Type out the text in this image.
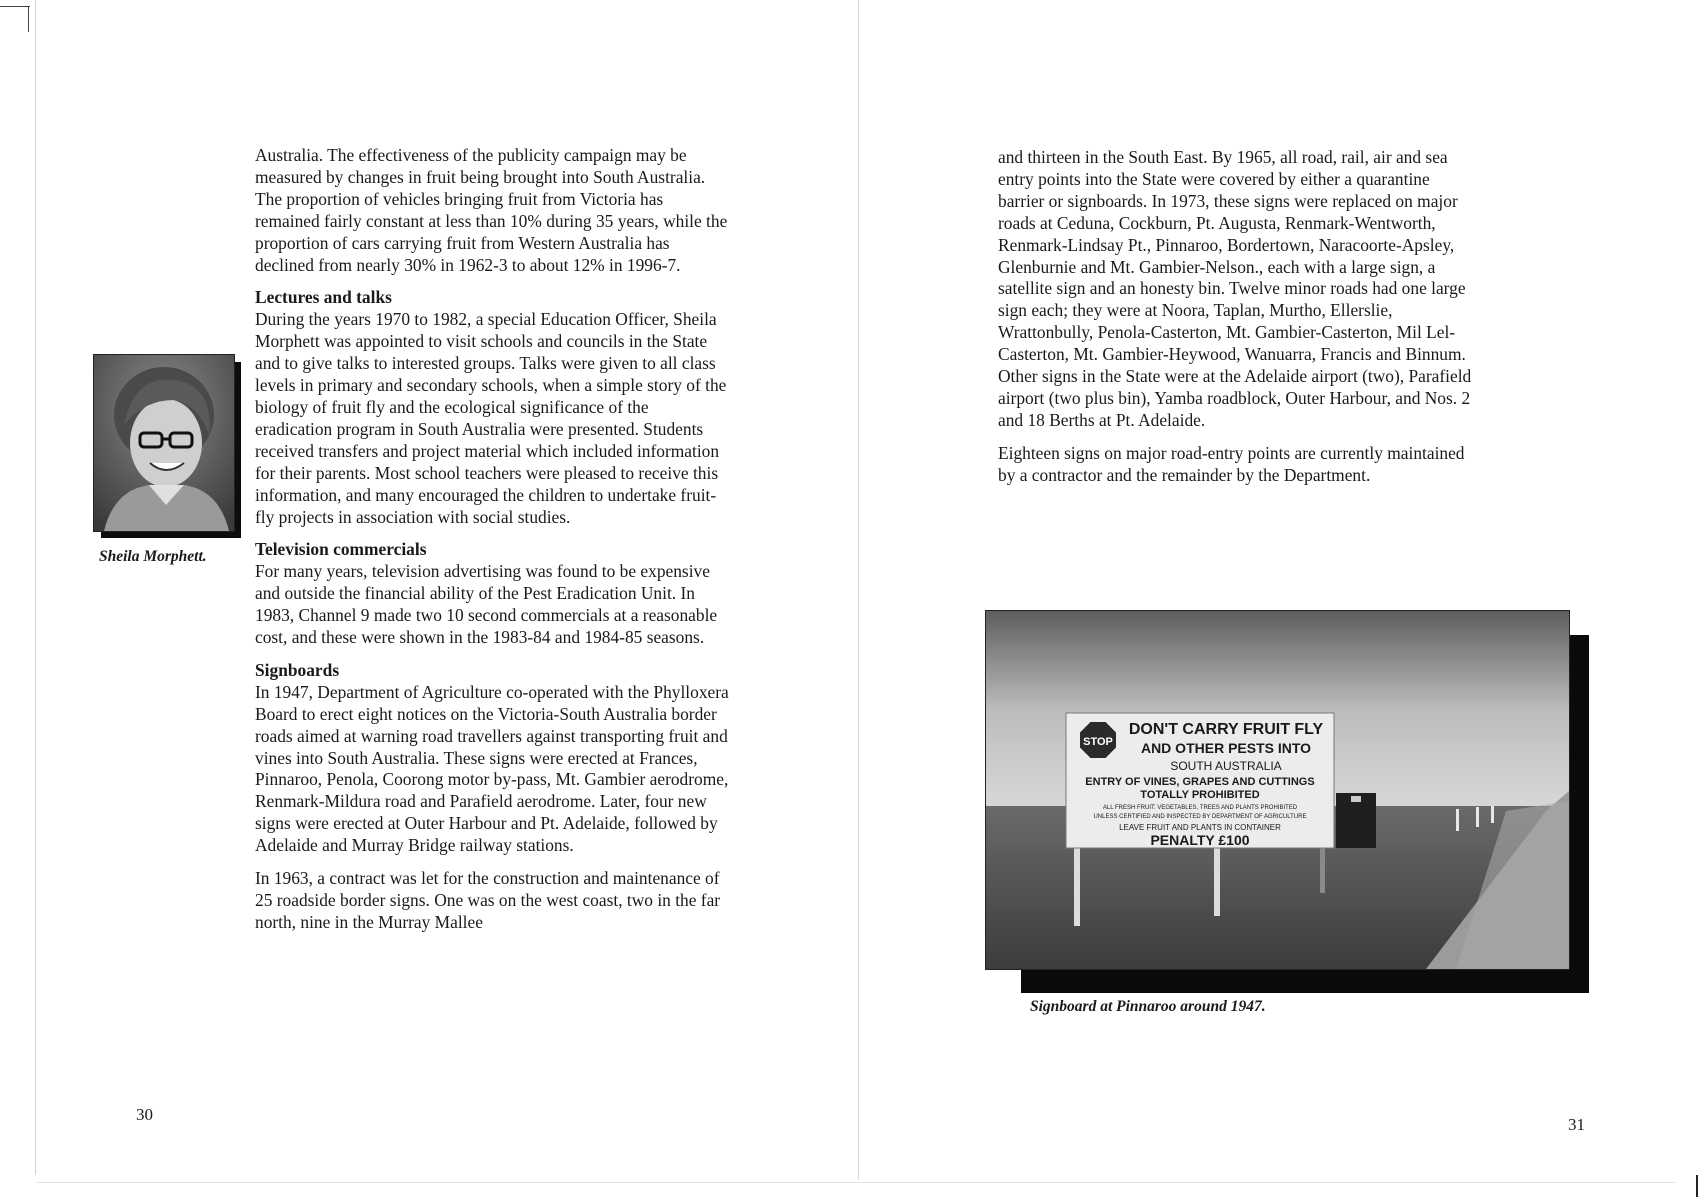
Australia. The effectiveness of the publicity campaign may be measured by changes in fruit being brought into South Australia. The proportion of vehicles bringing fruit from Victoria has remained fairly constant at less than 10% during 35 years, while the proportion of cars carrying fruit from Western Australia has declined from nearly 30% in 1962-3 to about 12% in 1996-7.

Lectures and talks
During the years 1970 to 1982, a special Education Officer, Sheila Morphett was appointed to visit schools and councils in the State and to give talks to interested groups. Talks were given to all class levels in primary and secondary schools, when a simple story of the biology of fruit fly and the ecological significance of the eradication program in South Australia were presented. Students received transfers and project material which included information for their parents. Most school teachers were pleased to receive this information, and many encouraged the children to undertake fruit-fly projects in association with social studies.
Television commercials
For many years, television advertising was found to be expensive and outside the financial ability of the Pest Eradication Unit. In 1983, Channel 9 made two 10 second commercials at a reasonable cost, and these were shown in the 1983-84 and 1984-85 seasons.
Signboards
In 1947, Department of Agriculture co-operated with the Phylloxera Board to erect eight notices on the Victoria-South Australia border roads aimed at warning road travellers against transporting fruit and vines into South Australia. These signs were erected at Frances, Pinnaroo, Penola, Coorong motor by-pass, Mt. Gambier aerodrome, Renmark-Mildura road and Parafield aerodrome. Later, four new signs were erected at Outer Harbour and Pt. Adelaide, followed by Adelaide and Murray Bridge railway stations.

In 1963, a contract was let for the construction and maintenance of 25 roadside border signs. One was on the west coast, two in the far north, nine in the Murray Mallee

Sheila Morphett.
30

and thirteen in the South East. By 1965, all road, rail, air and sea entry points into the State were covered by either a quarantine barrier or signboards. In 1973, these signs were replaced on major roads at Ceduna, Cockburn, Pt. Augusta, Renmark-Wentworth, Renmark-Lindsay Pt., Pinnaroo, Bordertown, Naracoorte-Apsley, Glenburnie and Mt. Gambier-Nelson., each with a large sign, a satellite sign and an honesty bin. Twelve minor roads had one large sign each; they were at Noora, Taplan, Murtho, Ellerslie, Wrattonbully, Penola-Casterton, Mt. Gambier-Casterton, Mil Lel-Casterton, Mt. Gambier-Heywood, Wanuarra, Francis and Binnum. Other signs in the State were at the Adelaide airport (two), Parafield airport (two plus bin), Yamba roadblock, Outer Harbour, and Nos. 2 and 18 Berths at Pt. Adelaide.

Eighteen signs on major road-entry points are currently maintained by a contractor and the remainder by the Department.

STOP
DON'T CARRY FRUIT FLY
AND OTHER PESTS INTO
SOUTH AUSTRALIA
ENTRY OF VINES, GRAPES AND CUTTINGS
TOTALLY PROHIBITED
ALL FRESH FRUIT: VEGETABLES, TREES AND PLANTS PROHIBITED
UNLESS CERTIFIED AND INSPECTED BY DEPARTMENT OF AGRICULTURE
LEAVE FRUIT AND PLANTS IN CONTAINER
PENALTY £100
Signboard at Pinnaroo around 1947.
31
